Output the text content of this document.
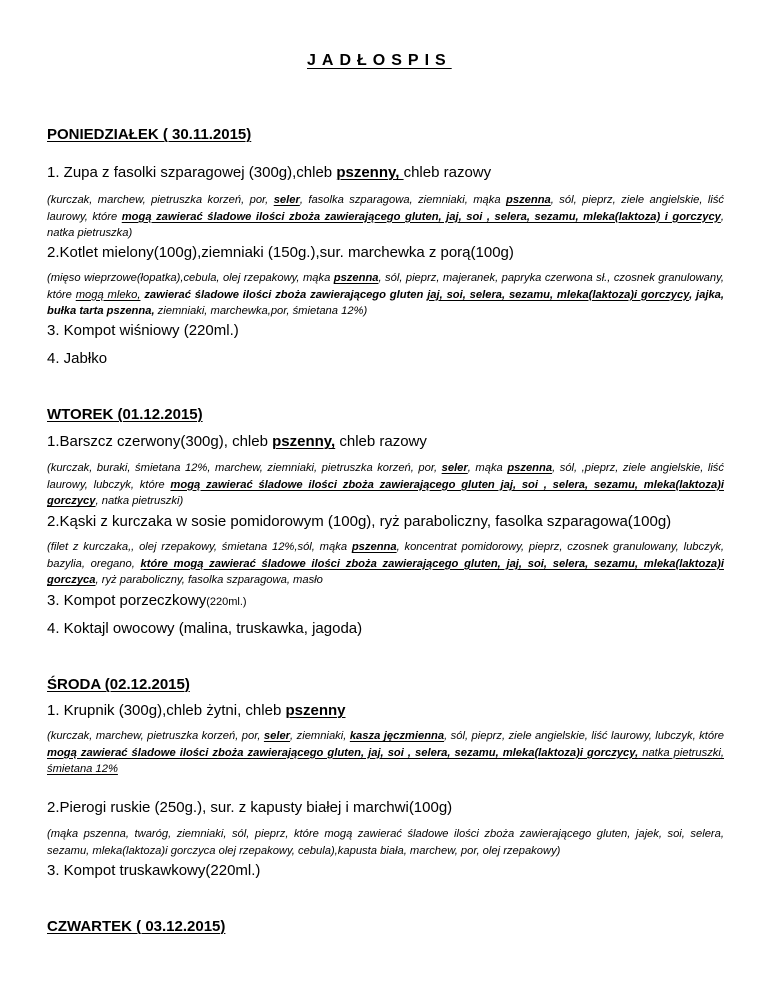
JADŁOSPIS
PONIEDZIAŁEK ( 30.11.2015)
1. Zupa z fasolki szparagowej (300g),chleb pszenny, chleb razowy
(kurczak, marchew, pietruszka korzeń, por, seler, fasolka szparagowa, ziemniaki, mąka pszenna, sól, pieprz, ziele angielskie, liść laurowy, które mogą zawierać śladowe ilości zboża zawierającego gluten, jaj, soi , selera, sezamu, mleka(laktoza) i gorczycy, natka pietruszka)
2.Kotlet mielony(100g),ziemniaki (150g.),sur. marchewka z porą(100g)
(mięso wieprzowe(łopatka),cebula, olej rzepakowy, mąka pszenna, sól, pieprz, majeranek, papryka czerwona sł., czosnek granulowany, które mogą mleko, zawierać śladowe ilości zboża zawierającego gluten jaj, soi, selera, sezamu, mleka(laktoza)i gorczycy, jajka, bułka tarta pszenna, ziemniaki, marchewka,por, śmietana 12%)
3. Kompot wiśniowy (220ml.)
4. Jabłko
WTOREK (01.12.2015)
1.Barszcz czerwony(300g), chleb pszenny, chleb razowy
(kurczak, buraki, śmietana 12%, marchew, ziemniaki, pietruszka korzeń, por, seler, mąka pszenna, sól, ,pieprz, ziele angielskie, liść laurowy, lubczyk, które mogą zawierać śladowe ilości zboża zawierającego gluten jaj, soi , selera, sezamu, mleka(laktoza)i gorczycy, natka pietruszki)
2.Kąski z kurczaka w sosie pomidorowym (100g), ryż paraboliczny, fasolka szparagowa(100g)
(filet z kurczaka,, olej rzepakowy, śmietana 12%,sól, mąka pszenna, koncentrat pomidorowy, pieprz, czosnek granulowany, lubczyk, bazylia, oregano, które mogą zawierać śladowe ilości zboża zawierającego gluten, jaj, soi, selera, sezamu, mleka(laktoza)i gorczyca, ryż paraboliczny, fasolka szparagowa, masło
3. Kompot porzeczkowy(220ml.)
4. Koktajl owocowy (malina, truskawka, jagoda)
ŚRODA (02.12.2015)
1. Krupnik (300g),chleb żytni, chleb pszenny
(kurczak, marchew, pietruszka korzeń, por, seler, ziemniaki, kasza jęczmienna, sól, pieprz, ziele angielskie, liść laurowy, lubczyk, które mogą zawierać śladowe ilości zboża zawierającego gluten, jaj, soi , selera, sezamu, mleka(laktoza)i gorczycy, natka pietruszki, śmietana 12%
2.Pierogi ruskie (250g.), sur. z kapusty białej i marchwi(100g)
(mąka pszenna, twaróg, ziemniaki, sól, pieprz, które mogą zawierać śladowe ilości zboża zawierającego gluten, jajek, soi, selera, sezamu, mleka(laktoza)i gorczyca olej rzepakowy, cebula),kapusta biała, marchew, por, olej rzepakowy)
3. Kompot truskawkowy(220ml.)
CZWARTEK ( 03.12.2015)
